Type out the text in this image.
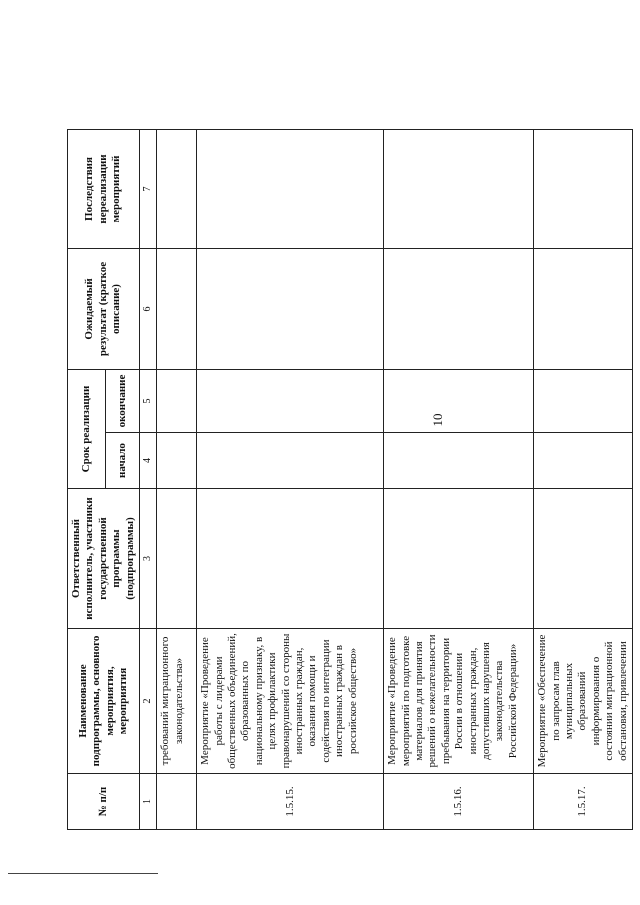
10
№ п/п	Наименование подпрограммы, основного мероприятия, мероприятия	Ответственный исполнитель, участники государственной программы (подпрограммы)	Срок реализации		Ожидаемый результат (краткое описание)	Последствия нереализации мероприятий
			начало	окончание		
1	2	3	4	5	6	7
	требований миграционного законодательства»					
1.5.15.	Мероприятие «Проведение работы с лидерами общественных объединений, образованных по национальному признаку, в целях профилактики правонарушений со стороны иностранных граждан, оказания помощи и содействия по интеграции иностранных граждан в российское общество»					
1.5.16.	Мероприятие «Проведение мероприятий по подготовке материалов для принятия решений о нежелательности пребывания на территории России в отношении иностранных граждан, допустивших нарушения законодательства Российской Федерации»					
1.5.17.	Мероприятие «Обеспечение по запросам глав муниципальных образований информирования о состоянии миграционной обстановки, привлечении					
